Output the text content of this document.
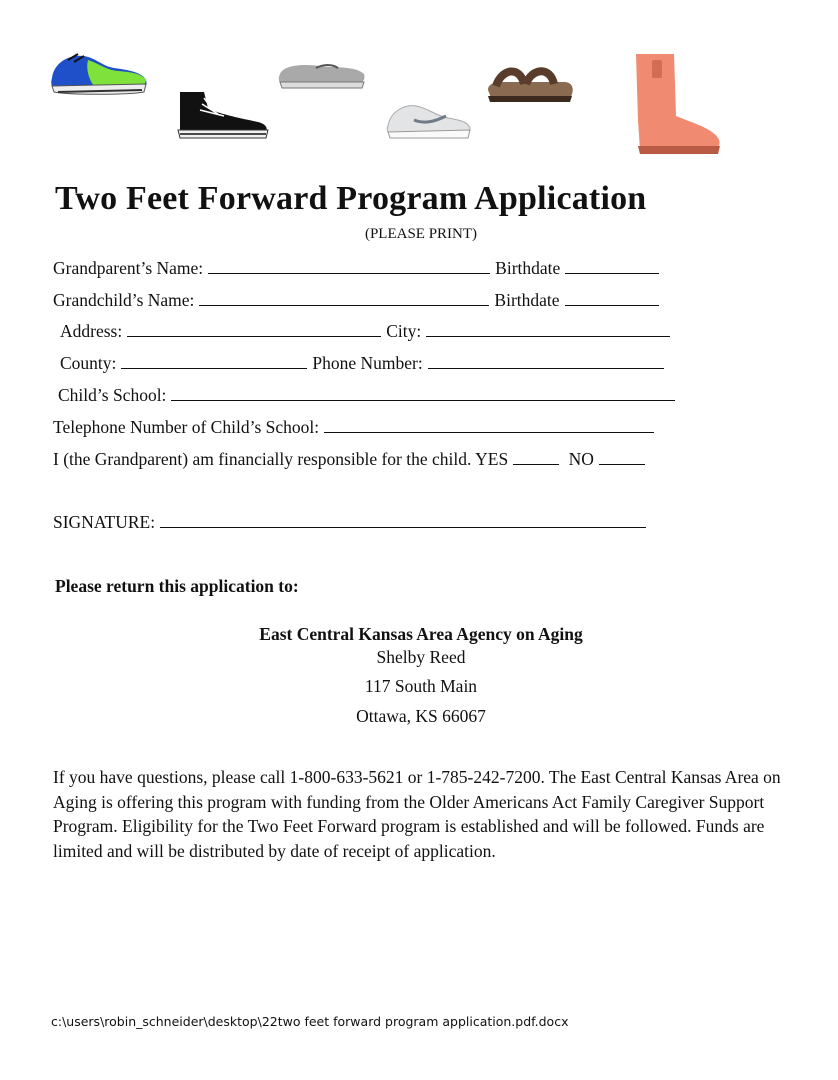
Two Feet Forward Program Application
(PLEASE PRINT)
Grandparent’s Name:	Birthdate
Grandchild’s Name:	Birthdate
Address:	City:
County:	Phone Number:
Child’s School:
Telephone Number of Child’s School:
I (the Grandparent) am financially responsible for the child. YES	NO
SIGNATURE:
Please return this application to:
East Central Kansas Area Agency on Aging
Shelby Reed
117 South Main
Ottawa, KS 66067
If you have questions, please call 1-800-633-5621 or 1-785-242-7200. The East Central Kansas Area on Aging is offering this program with funding from the Older Americans Act Family Caregiver Support Program. Eligibility for the Two Feet Forward program is established and will be followed. Funds are limited and will be distributed by date of receipt of application.
c:\users\robin_schneider\desktop\22two feet forward program application.pdf.docx
